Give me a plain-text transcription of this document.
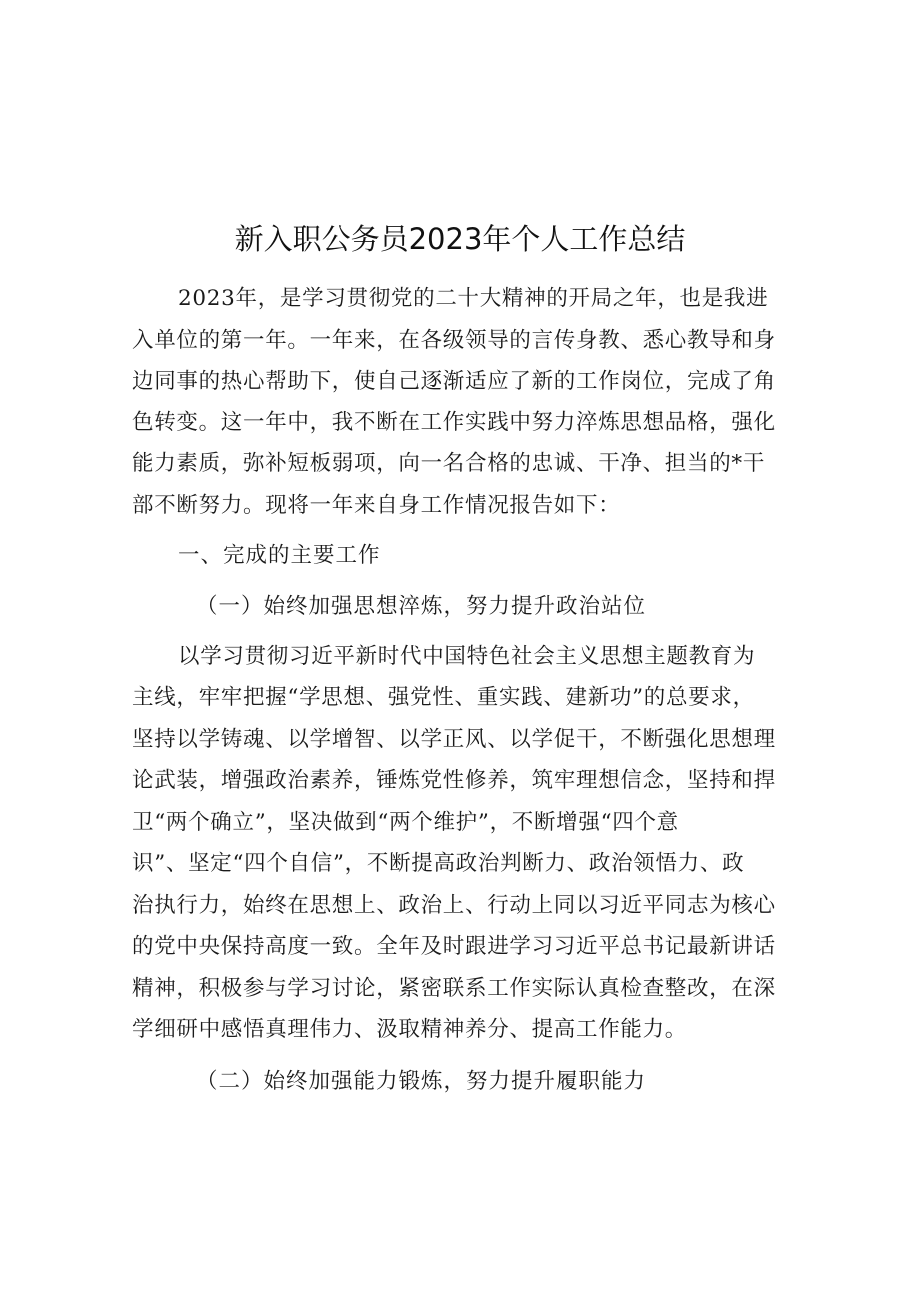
新入职公务员2023年个人工作总结
2023年，是学习贯彻党的二十大精神的开局之年，也是我进
入单位的第一年。一年来，在各级领导的言传身教、悉心教导和身
边同事的热心帮助下，使自己逐渐适应了新的工作岗位，完成了角
色转变。这一年中，我不断在工作实践中努力淬炼思想品格，强化
能力素质，弥补短板弱项，向一名合格的忠诚、干净、担当的*干
部不断努力。现将一年来自身工作情况报告如下：
一、完成的主要工作
（一）始终加强思想淬炼，努力提升政治站位
以学习贯彻习近平新时代中国特色社会主义思想主题教育为
主线，牢牢把握“学思想、强党性、重实践、建新功”的总要求，
坚持以学铸魂、以学增智、以学正风、以学促干，不断强化思想理
论武装，增强政治素养，锤炼党性修养，筑牢理想信念，坚持和捍
卫“两个确立”，坚决做到“两个维护”，不断增强“四个意
识”、坚定“四个自信”，不断提高政治判断力、政治领悟力、政
治执行力，始终在思想上、政治上、行动上同以习近平同志为核心
的党中央保持高度一致。全年及时跟进学习习近平总书记最新讲话
精神，积极参与学习讨论，紧密联系工作实际认真检查整改，在深
学细研中感悟真理伟力、汲取精神养分、提高工作能力。
（二）始终加强能力锻炼，努力提升履职能力
